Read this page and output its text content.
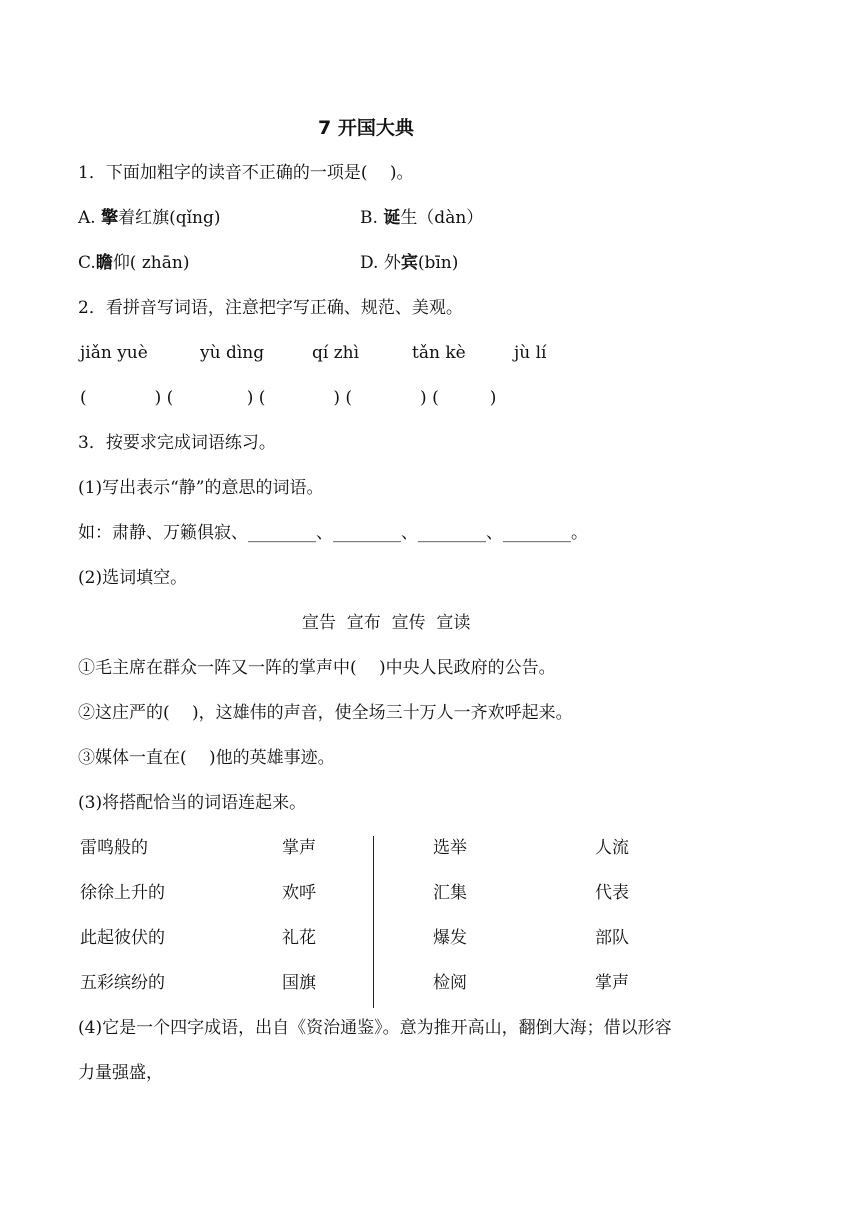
7 开国大典
1．下面加粗字的读音不正确的一项是(　 )。
A. 擎着红旗(qǐng)	B. 诞生（dàn）
C.瞻仰( zhān)	D. 外宾(bīn)
2．看拼音写词语，注意把字写正确、规范、美观。
jiǎn yuè	yù dìng	qí zhì	tǎn kè	jù lí
(　　　　) (　　　　 ) (　　　　) (　　　　) (　　　)
3．按要求完成词语练习。
(1)写出表示“静”的意思的词语。
如：肃静、万籁俱寂、________、________、________、________。
(2)选词填空。
宣告  宣布  宣传  宣读
①毛主席在群众一阵又一阵的掌声中(　 )中央人民政府的公告。
②这庄严的(　 )，这雄伟的声音，使全场三十万人一齐欢呼起来。
③媒体一直在(　 )他的英雄事迹。
(3)将搭配恰当的词语连起来。
雷鸣般的	掌声	选举	人流
徐徐上升的	欢呼	汇集	代表
此起彼伏的	礼花	爆发	部队
五彩缤纷的	国旗	检阅	掌声
(4)它是一个四字成语，出自《资治通鉴》。意为推开高山，翻倒大海；借以形容
力量强盛，
